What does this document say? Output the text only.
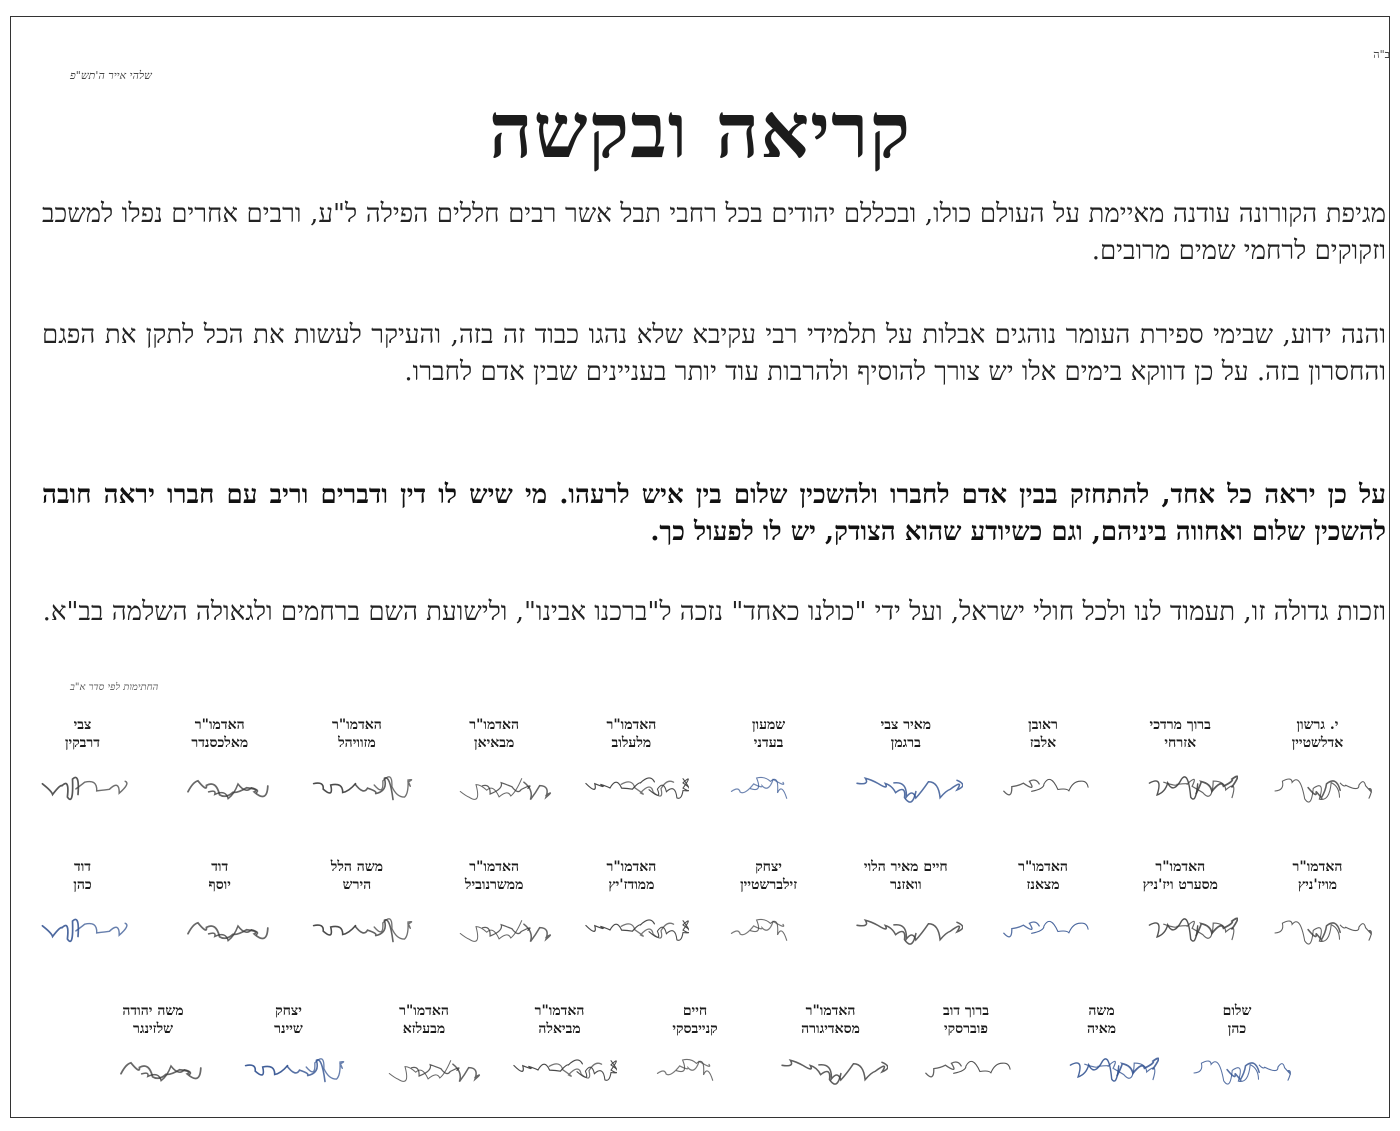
ב"ה
שלהי אייר ה'תש"פ
קריאה ובקשה
מגיפת הקורונה עודנה מאיימת על העולם כולו, ובכללם יהודים בכל רחבי תבל אשר רבים חללים הפילה ל"ע, ורבים אחרים נפלו למשכב וזקוקים לרחמי שמים מרובים.
והנה ידוע, שבימי ספירת העומר נוהגים אבלות על תלמידי רבי עקיבא שלא נהגו כבוד זה בזה, והעיקר לעשות את הכל לתקן את הפגם והחסרון בזה. על כן דווקא בימים אלו יש צורך להוסיף ולהרבות עוד יותר בעניינים שבין אדם לחברו.
על כן יראה כל אחד, להתחזק בבין אדם לחברו ולהשכין שלום בין איש לרעהו. מי שיש לו דין ודברים וריב עם חברו יראה חובה להשכין שלום ואחווה ביניהם, וגם כשיודע שהוא הצודק, יש לו לפעול כך.
וזכות גדולה זו, תעמוד לנו ולכל חולי ישראל, ועל ידי "כולנו כאחד" נזכה ל"ברכנו אבינו", ולישועת השם ברחמים ולגאולה השלמה בב"א.
החתימות לפי סדר א"ב
י. גרשון
אדלשטיין
ברוך מרדכי
אזרחי
ראובן
אלבז
מאיר צבי
ברגמן
שמעון
בעדני
האדמו"ר
מלעלוב
האדמו"ר
מבאיאן
האדמו"ר
מזוויהל
האדמו"ר
מאלכסנדר
צבי
דרבקין
האדמו"ר
מויז'ניץ
האדמו"ר
מסערט ויז'ניץ
האדמו"ר
מצאנז
חיים מאיר הלוי
וואזנר
יצחק
זילברשטיין
האדמו"ר
ממודז'יץ
האדמו"ר
ממשרנוביל
משה הלל
הירש
דוד
יוסף
דוד
כהן
שלום
כהן
משה
מאיה
ברוך דוב
פוברסקי
האדמו"ר
מסאדיגורה
חיים
קנייבסקי
האדמו"ר
מביאלה
האדמו"ר
מבעלזא
יצחק
שיינר
משה יהודה
שלזינגר
